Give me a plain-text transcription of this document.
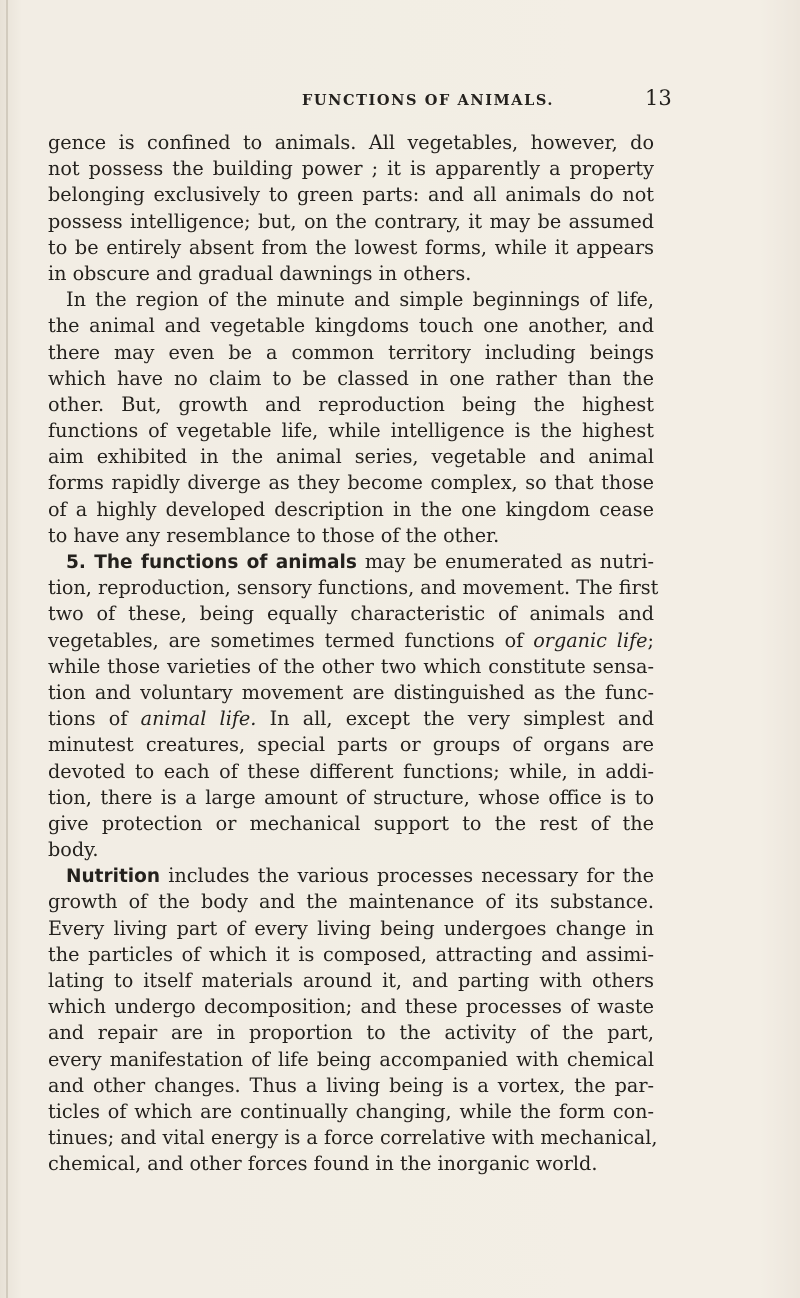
FUNCTIONS OF ANIMALS.	13
gence is confined to animals. All vegetables, however, do
not possess the building power ; it is apparently a property
belonging exclusively to green parts: and all animals do not
possess intelligence; but, on the contrary, it may be assumed
to be entirely absent from the lowest forms, while it appears
in obscure and gradual dawnings in others.
In the region of the minute and simple beginnings of life,
the animal and vegetable kingdoms touch one another, and
there may even be a common territory including beings
which have no claim to be classed in one rather than the
other. But, growth and reproduction being the highest
functions of vegetable life, while intelligence is the highest
aim exhibited in the animal series, vegetable and animal
forms rapidly diverge as they become complex, so that those
of a highly developed description in the one kingdom cease
to have any resemblance to those of the other.
5. The functions of animals may be enumerated as nutri-
tion, reproduction, sensory functions, and movement. The first
two of these, being equally characteristic of animals and
vegetables, are sometimes termed functions of organic life;
while those varieties of the other two which constitute sensa-
tion and voluntary movement are distinguished as the func-
tions of animal life. In all, except the very simplest and
minutest creatures, special parts or groups of organs are
devoted to each of these different functions; while, in addi-
tion, there is a large amount of structure, whose office is to
give protection or mechanical support to the rest of the
body.
Nutrition includes the various processes necessary for the
growth of the body and the maintenance of its substance.
Every living part of every living being undergoes change in
the particles of which it is composed, attracting and assimi-
lating to itself materials around it, and parting with others
which undergo decomposition; and these processes of waste
and repair are in proportion to the activity of the part,
every manifestation of life being accompanied with chemical
and other changes. Thus a living being is a vortex, the par-
ticles of which are continually changing, while the form con-
tinues; and vital energy is a force correlative with mechanical,
chemical, and other forces found in the inorganic world.
